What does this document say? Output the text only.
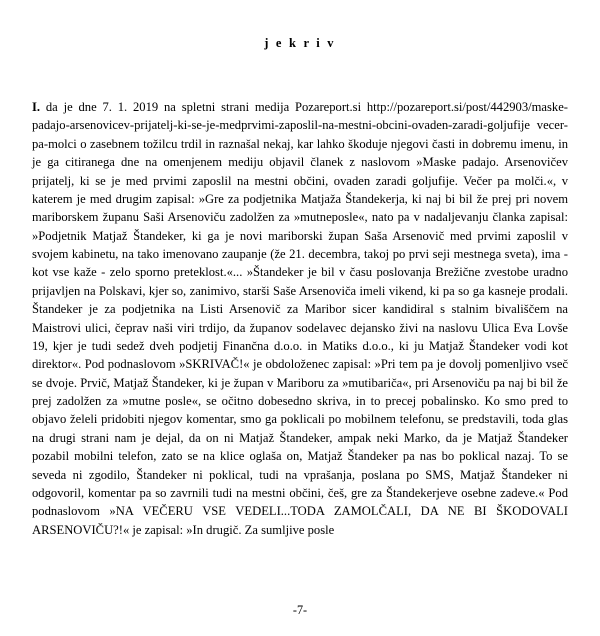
j e k r i v

I. da je dne 7. 1. 2019 na spletni strani medija Pozareport.si http://pozareport.si/post/442903/maske-padajo-arsenovicev-prijatelj-ki-se-je-medprvimi-zaposlil-na-mestni-obcini-ovaden-zaradi-goljufije vecer-pa-molci o zasebnem tožilcu trdil in raznašal nekaj, kar lahko škoduje njegovi časti in dobremu imenu, in je ga citiranega dne na omenjenem mediju objavil članek z naslovom »Maske padajo. Arsenovičev prijatelj, ki se je med prvimi zaposlil na mestni občini, ovaden zaradi goljufije. Večer pa molči.«, v katerem je med drugim zapisal: »Gre za podjetnika Matjaža Štandekerja, ki naj bi bil že prej pri novem mariborskem županu Saši Arsenoviču zadolžen za »mutneposle«, nato pa v nadaljevanju članka zapisal: »Podjetnik Matjaž Štandeker, ki ga je novi mariborski župan Saša Arsenovič med prvimi zaposlil v svojem kabinetu, na tako imenovano zaupanje (že 21. decembra, takoj po prvi seji mestnega sveta), ima - kot vse kaže - zelo sporno preteklost.«... »Štandeker je bil v času poslovanja Brežične zvestobe uradno prijavljen na Polskavi, kjer so, zanimivo, starši Saše Arsenoviča imeli vikend, ki pa so ga kasneje prodali. Štandeker je za podjetnika na Listi Arsenovič za Maribor sicer kandidiral s stalnim bivališčem na Maistrovi ulici, čeprav naši viri trdijo, da županov sodelavec dejansko živi na naslovu Ulica Eva Lovše 19, kjer je tudi sedež dveh podjetij Finančna d.o.o. in Matiks d.o.o., ki ju Matjaž Štandeker vodi kot direktor«. Pod podnaslovom »SKRIVAČ!« je obdoloženec zapisal: »Pri tem pa je dovolj pomenljivo vseč se dvoje. Prvič, Matjaž Štandeker, ki je župan v Mariboru za »mutibariča«, pri Arsenoviču pa naj bi bil že prej zadolžen za »mutne posle«, se očitno dobesedno skriva, in to precej pobalinsko. Ko smo pred to objavo želeli pridobiti njegov komentar, smo ga poklicali po mobilnem telefonu, se predstavili, toda glas na drugi strani nam je dejal, da on ni Matjaž Štandeker, ampak neki Marko, da je Matjaž Štandeker pozabil mobilni telefon, zato se na klice oglaša on, Matjaž Štandeker pa nas bo poklical nazaj. To se seveda ni zgodilo, Štandeker ni poklical, tudi na vprašanja, poslana po SMS, Matjaž Štandeker ni odgovoril, komentar pa so zavrnili tudi na mestni občini, češ, gre za Štandekerjeve osebne zadeve.« Pod podnaslovom »NA VEČERU VSE VEDELI...TODA ZAMOLČALI, DA NE BI ŠKODOVALI ARSENOVIČU?!« je zapisal: »In drugič. Za sumljive posle

-7-
